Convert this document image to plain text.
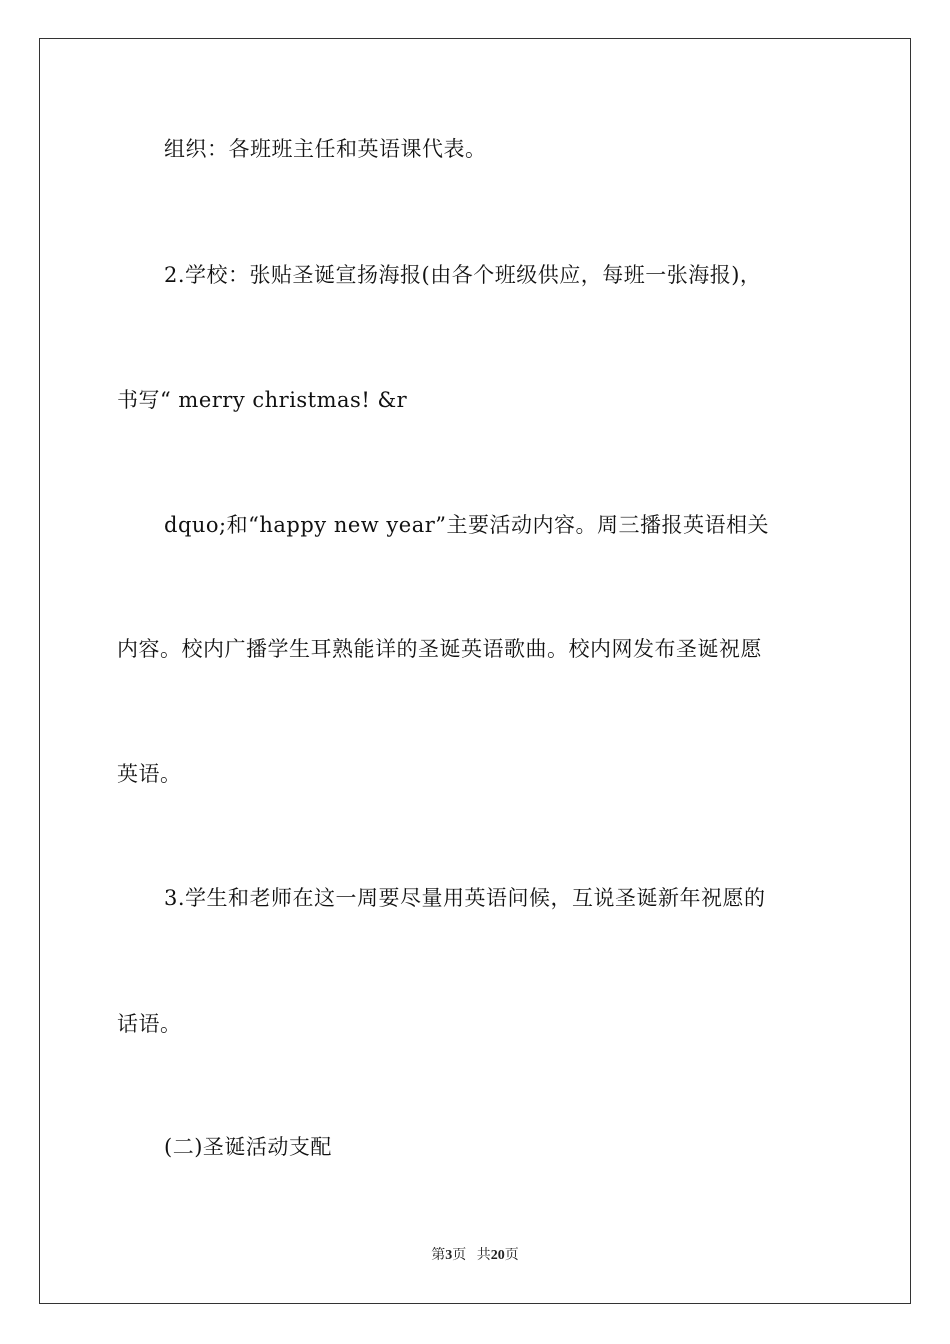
组织：各班班主任和英语课代表。
2.学校：张贴圣诞宣扬海报(由各个班级供应，每班一张海报)，
书写“ merry christmas! &r
dquo;和“happy new year”主要活动内容。周三播报英语相关
内容。校内广播学生耳熟能详的圣诞英语歌曲。校内网发布圣诞祝愿
英语。
3.学生和老师在这一周要尽量用英语问候，互说圣诞新年祝愿的
话语。
(二)圣诞活动支配
第3页 共20页
